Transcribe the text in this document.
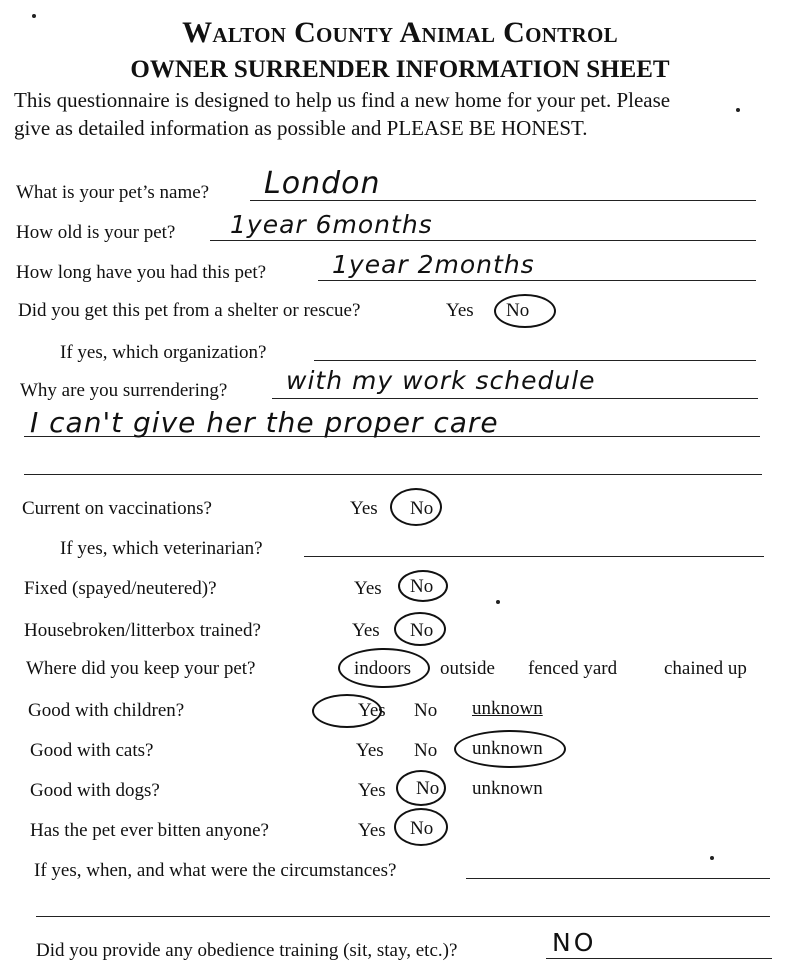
Walton County Animal Control
OWNER SURRENDER INFORMATION SHEET
This questionnaire is designed to help us find a new home for your pet. Please
give as detailed information as possible and PLEASE BE HONEST.
What is your pet’s name? London
How old is your pet? 1year 6months
How long have you had this pet?	1year 2months
Did you get this pet from a shelter or rescue?	Yes No
If yes, which organization?
Why are you surrendering? with my work schedule
I can't give her the proper care
Current on vaccinations?	Yes No
If yes, which veterinarian?
Fixed (spayed/neutered)?	Yes No
Housebroken/litterbox trained?	Yes No
Where did you keep your pet?	indoors outside fenced yard chained up
Good with children?	Yes No unknown
Good with cats?	Yes No unknown
Good with dogs?	Yes No unknown
Has the pet ever bitten anyone?	Yes No
If yes, when, and what were the circumstances?
Did you provide any obedience training (sit, stay, etc.)?	NO
